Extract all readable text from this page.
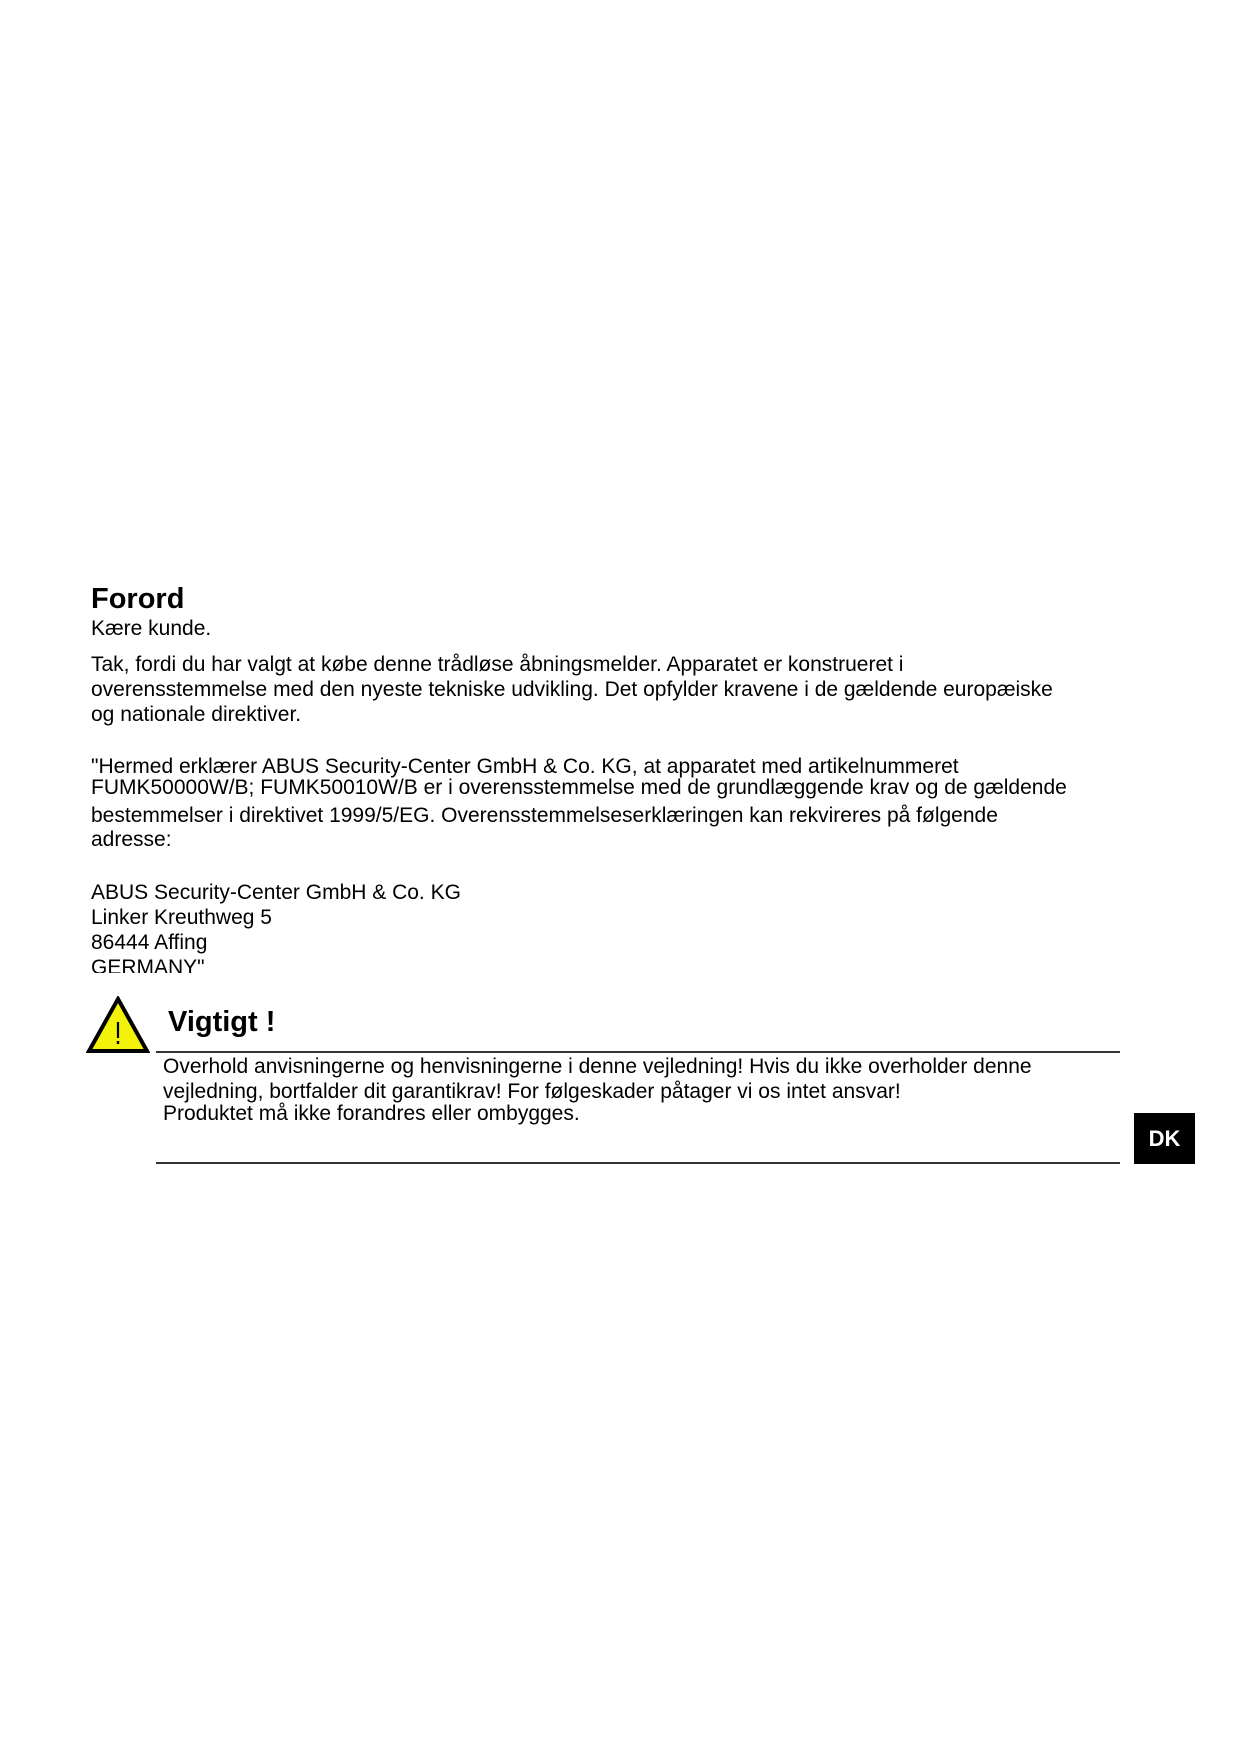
Forord

Kære kunde.

Tak, fordi du har valgt at købe denne trådløse åbningsmelder. Apparatet er konstrueret i

overensstemmelse med den nyeste tekniske udvikling. Det opfylder kravene i de gældende europæiske

og nationale direktiver.

"Hermed erklærer ABUS Security-Center GmbH & Co. KG, at apparatet med artikelnummeret

FUMK50000W/B; FUMK50010W/B er i overensstemmelse med de grundlæggende krav og de gældende

bestemmelser i direktivet 1999/5/EG. Overensstemmelseserklæringen kan rekvireres på følgende

adresse:

ABUS Security-Center GmbH & Co. KG
Linker Kreuthweg 5
86444 Affing
GERMANY"
Vigtigt !

Overhold anvisningerne og henvisningerne i denne vejledning! Hvis du ikke overholder denne

vejledning, bortfalder dit garantikrav! For følgeskader påtager vi os intet ansvar!

Produktet må ikke forandres eller ombygges.

DK
